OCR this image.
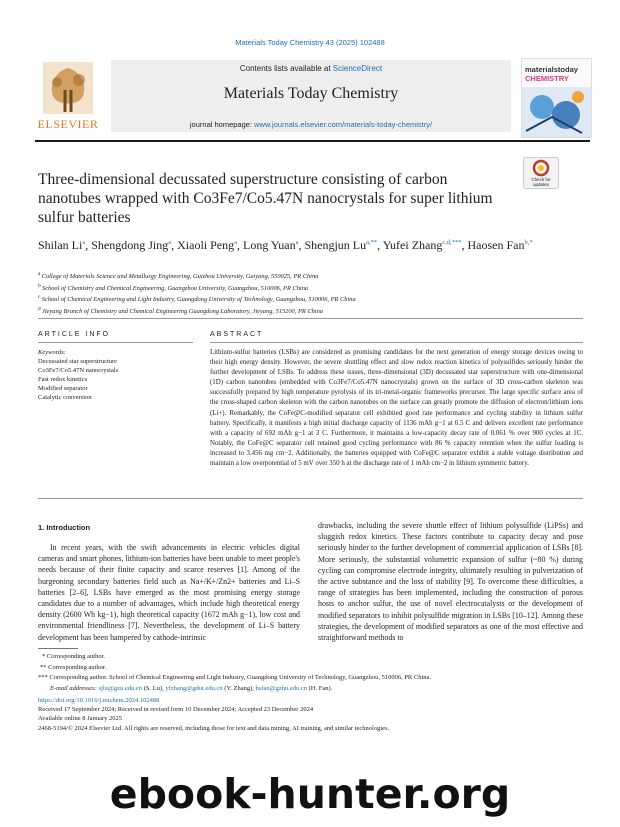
Materials Today Chemistry 43 (2025) 102488
ELSEVIER
Contents lists available at ScienceDirect
Materials Today Chemistry
journal homepage: www.journals.elsevier.com/materials-today-chemistry/
materialstoday
CHEMISTRY
Three-dimensional decussated superstructure consisting of carbon nanotubes wrapped with Co3Fe7/Co5.47N nanocrystals for super lithium sulfur batteries
Check for updates
Shilan Li$^a$, Shengdong Jing$^a$, Xiaoli Peng$^a$, Long Yuan$^a$, Shengjun $Lu^{a,**}$, Yufei Zhang$^{c,d,***}$, Haosen Fan$^{b,*}$
$^a$ College of Materials Science and Metallurgy Engineering, Guizhou University, Guiyang, 550025, PR China
$^b$ School of Chemistry and Chemical Engineering, Guangzhou University, Guangzhou, 510006, PR China
$^c$ School of Chemical Engineering and Light Industry, Guangdong University of Technology, Guangzhou, 510006, PR China
$^d$ Jieyang Branch of Chemistry and Chemical Engineering Guangdong Laboratory, Jieyang, 515200, PR China
ARTICLE INFO	ABSTRACT
Keywords:
Decussated star superstructure
Co3Fe7/Co5.47N nanocrystals
Fast redox kinetics
Modified separator
Catalytic conversion
Lithium-sulfur batteries (LSBs) are considered as promising candidates for the next generation of energy storage devices owing to their high energy density. However, the severe shuttling effect and slow redox reaction kinetics of polysulfides seriously hinder the further development of LSBs. To address these issues, three-dimensional (3D) decussated star superstructure with one-dimensional (1D) carbon nanotubes (embedded with Co3Fe7/Co5.47N nanocrystals) grown on the surface of 3D cross-carbon skeleton was successfully prepared by high temperature pyrolysis of its tri-metal-organic frameworks precursor. The large specific surface area of the cross-shaped carbon skeleton with the carbon nanotubes on the surface can greatly promote the diffusion of electron/lithium ions (Li+). Remarkably, the CoFe@C-modified separator cell exhibited good rate performance and cycling stability in lithium sulfur battery. Specifically, it manifests a high initial discharge capacity of 1136 mAh g−1 at 0.5 C and delivers excellent rate performance with a capacity of 692 mAh g−1 at 3 C. Furthermore, it maintains a low-capacity decay rate of 0.061 % over 900 cycles at 1C. Notably, the CoFe@C separator cell retained good cycling performance with 86 % capacity retention when the sulfur loading is increased to 3.456 mg cm−2. Additionally, the batteries equipped with CoFe@C separator exhibit a stable voltage distribution and maintain a low overpotential of 5 mV over 350 h at the discharge rate of 1 mAh cm−2 in lithium symmetric battery.
1. Introduction
In recent years, with the swift advancements in electric vehicles digital cameras and smart phones, lithium-ion batteries have been unable to meet people's needs because of their finite capacity and scarce reserves [1]. Among of the burgeoning secondary batteries field such as Na+/K+/Zn2+ batteries and Li–S batteries [2–6], LSBs have emerged as the most promising energy storage candidates due to a number of advantages, which include high theoretical energy density (2600 Wh kg−1), high theoretical capacity (1672 mAh g−1), low cost and environmental friendliness [7]. Nevertheless, the development of Li–S battery development has been hampered by cathode-intrinsic
drawbacks, including the severe shuttle effect of lithium polysulfide (LiPSs) and sluggish redox kinetics. These factors contribute to capacity decay and pose seriously hinder to the further development of commercial application of LSBs [8]. More seriously, the substantial volumetric expansion of sulfur (~80 %) during cycling can compromise electrode integrity, ultimately resulting in pulverization of the active substance and the loss of stability [9]. To overcome these difficulties, a range of strategies has been implemented, including the construction of porous hosts to anchor sulfur, the use of novel electrocatalysts or the development of modified separators to inhibit polysulfide migration in LSBs [10–12]. Among these strategies, the development of modified separators as one of the most effective and straightforward methods to
* Corresponding author.
** Corresponding author.
*** Corresponding author. School of Chemical Engineering and Light Industry, Guangdong University of Technology, Guangzhou, 510006, PR China.
E-mail addresses: sjlu@gzu.edu.cn (S. Lu), yfzhang@gdut.edu.cn (Y. Zhang), hsfan@gzhu.edu.cn (H. Fan).
https://doi.org/10.1016/j.mtchem.2024.102488
Received 17 September 2024; Received in revised form 10 December 2024; Accepted 23 December 2024
Available online 8 January 2025
2468-5194/© 2024 Elsevier Ltd. All rights are reserved, including those for text and data mining, AI training, and similar technologies.
ebook-hunter.org
